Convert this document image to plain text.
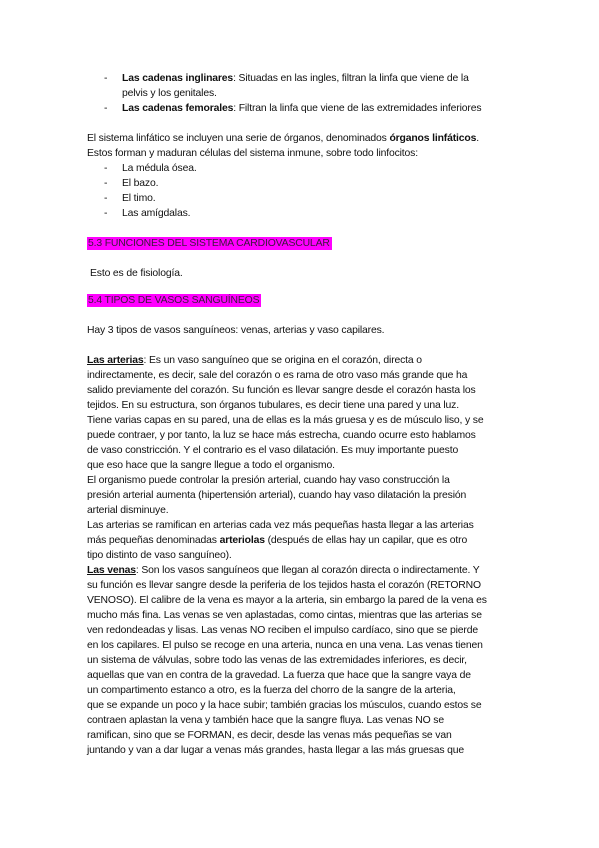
- Las cadenas inglinares: Situadas en las ingles, filtran la linfa que viene de la
pelvis y los genitales.
- Las cadenas femorales: Filtran la linfa que viene de las extremidades inferiores
El sistema linfático se incluyen una serie de órganos, denominados órganos linfáticos.
Estos forman y maduran células del sistema inmune, sobre todo linfocitos:
- La médula ósea.
- El bazo.
- El timo.
- Las amígdalas.
5.3 FUNCIONES DEL SISTEMA CARDIOVASCULAR
Esto es de fisiología.
5.4 TIPOS DE VASOS SANGUÍNEOS
Hay 3 tipos de vasos sanguíneos: venas, arterias y vaso capilares.
Las arterias: Es un vaso sanguíneo que se origina en el corazón, directa o
indirectamente, es decir, sale del corazón o es rama de otro vaso más grande que ha
salido previamente del corazón. Su función es llevar sangre desde el corazón hasta los
tejidos. En su estructura, son órganos tubulares, es decir tiene una pared y una luz.
Tiene varias capas en su pared, una de ellas es la más gruesa y es de músculo liso, y se
puede contraer, y por tanto, la luz se hace más estrecha, cuando ocurre esto hablamos
de vaso constricción. Y el contrario es el vaso dilatación. Es muy importante puesto
que eso hace que la sangre llegue a todo el organismo.
El organismo puede controlar la presión arterial, cuando hay vaso construcción la
presión arterial aumenta (hipertensión arterial), cuando hay vaso dilatación la presión
arterial disminuye.
Las arterias se ramifican en arterias cada vez más pequeñas hasta llegar a las arterias
más pequeñas denominadas arteriolas (después de ellas hay un capilar, que es otro
tipo distinto de vaso sanguíneo).
Las venas: Son los vasos sanguíneos que llegan al corazón directa o indirectamente. Y
su función es llevar sangre desde la periferia de los tejidos hasta el corazón (RETORNO
VENOSO). El calibre de la vena es mayor a la arteria, sin embargo la pared de la vena es
mucho más fina. Las venas se ven aplastadas, como cintas, mientras que las arterias se
ven redondeadas y lisas. Las venas NO reciben el impulso cardíaco, sino que se pierde
en los capilares. El pulso se recoge en una arteria, nunca en una vena. Las venas tienen
un sistema de válvulas, sobre todo las venas de las extremidades inferiores, es decir,
aquellas que van en contra de la gravedad. La fuerza que hace que la sangre vaya de
un compartimento estanco a otro, es la fuerza del chorro de la sangre de la arteria,
que se expande un poco y la hace subir; también gracias los músculos, cuando estos se
contraen aplastan la vena y también hace que la sangre fluya. Las venas NO se
ramifican, sino que se FORMAN, es decir, desde las venas más pequeñas se van
juntando y van a dar lugar a venas más grandes, hasta llegar a las más gruesas que
